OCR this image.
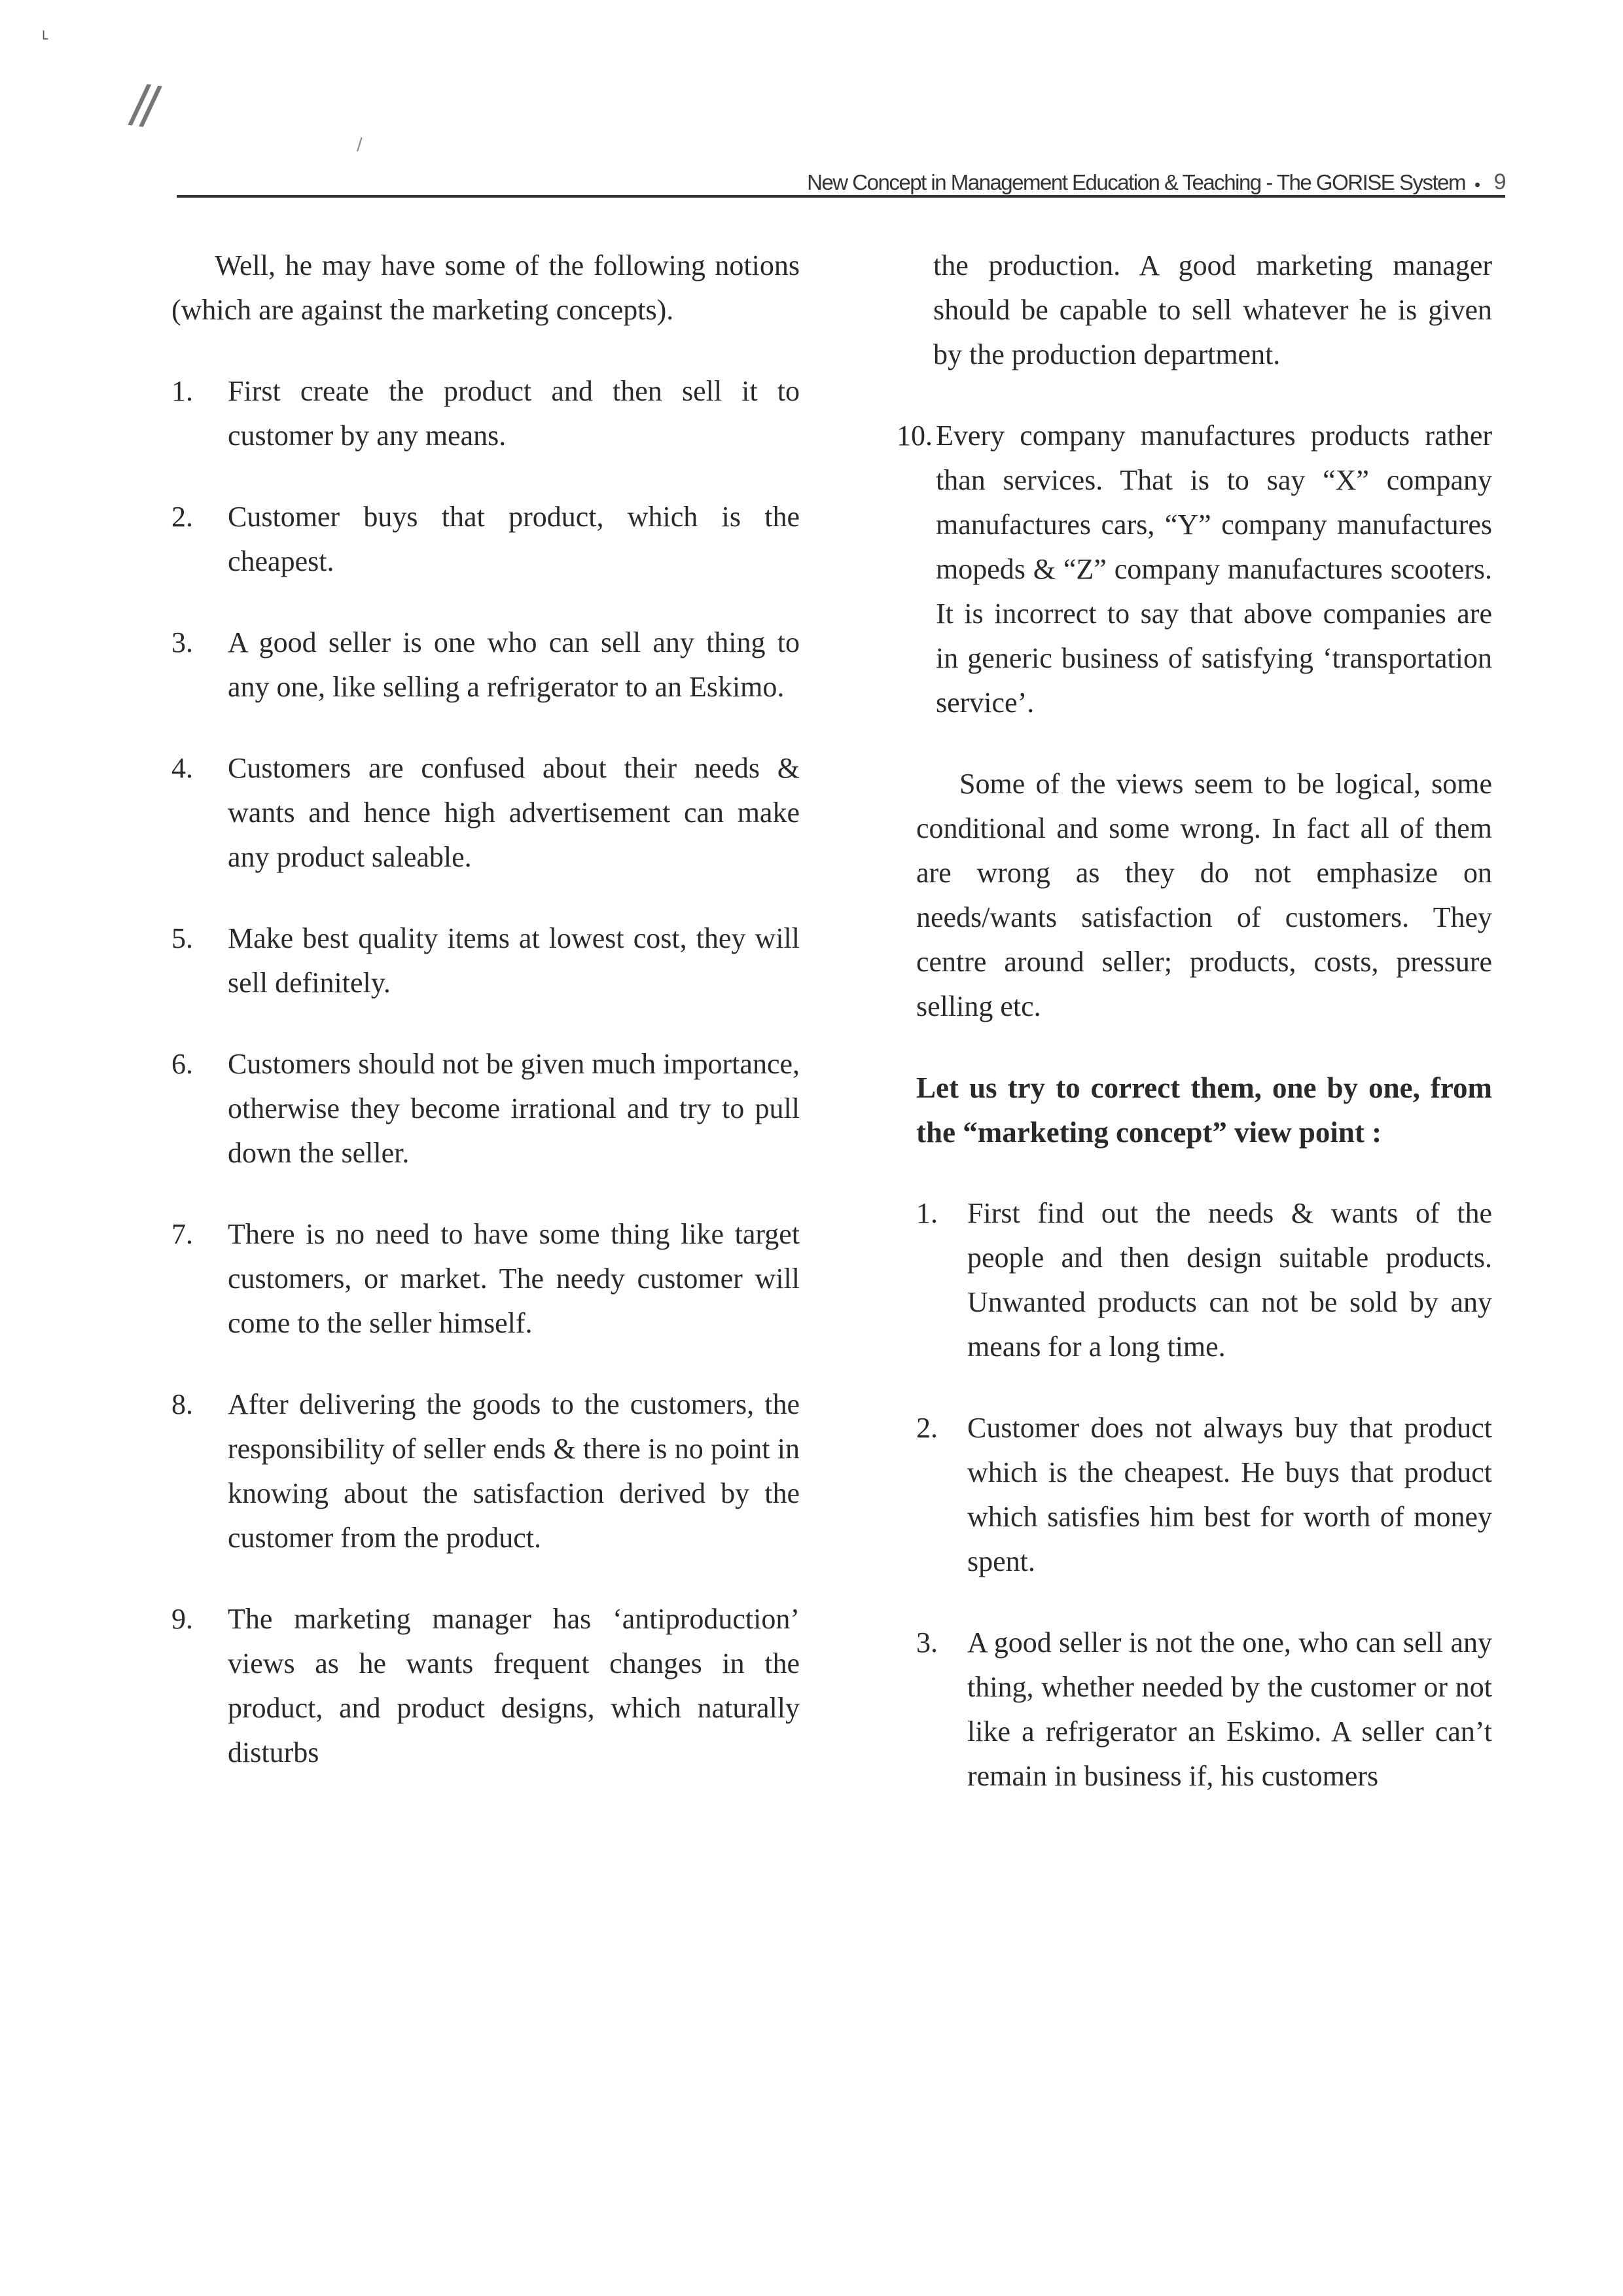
└
//
/
New Concept in Management Education & Teaching - The GORISE System • 9

Well, he may have some of the following notions (which are against the marketing concepts).

1.	First create the product and then sell it to customer by any means.
2.	Customer buys that product, which is the cheapest.
3.	A good seller is one who can sell any thing to any one, like selling a refrigerator to an Eskimo.
4.	Customers are confused about their needs & wants and hence high advertisement can make any product saleable.
5.	Make best quality items at lowest cost, they will sell definitely.
6.	Customers should not be given much importance, otherwise they become irrational and try to pull down the seller.
7.	There is no need to have some thing like target customers, or market. The needy customer will come to the seller himself.
8.	After delivering the goods to the customers, the responsibility of seller ends & there is no point in knowing about the satisfaction derived by the customer from the product.
9.	The marketing manager has ‘antiproduction’ views as he wants frequent changes in the product, and product designs, which naturally disturbs

the production. A good marketing manager should be capable to sell whatever he is given by the production department.

10. Every company manufactures products rather than services. That is to say “X” company manufactures cars, “Y” company manufactures mopeds & “Z” company manufactures scooters. It is incorrect to say that above companies are in generic business of satisfying ‘transportation service’.

Some of the views seem to be logical, some conditional and some wrong. In fact all of them are wrong as they do not emphasize on needs/wants satisfaction of customers. They centre around seller; products, costs, pressure selling etc.

Let us try to correct them, one by one, from the “marketing concept” view point :

1.	First find out the needs & wants of the people and then design suitable products. Unwanted products can not be sold by any means for a long time.
2.	Customer does not always buy that product which is the cheapest. He buys that product which satisfies him best for worth of money spent.
3.	A good seller is not the one, who can sell any thing, whether needed by the customer or not like a refrigerator an Eskimo. A seller can’t remain in business if, his customers
